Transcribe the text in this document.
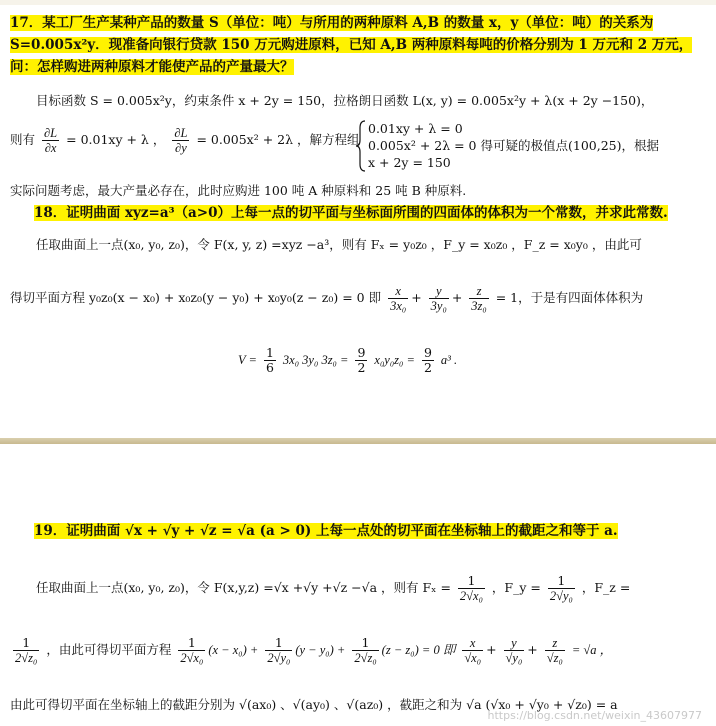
17．某工厂生产某种产品的数量 S（单位：吨）与所用的两种原料 A,B 的数量 x，y（单位：吨）的关系为 S=0.005x²y．现准备向银行贷款 150 万元购进原料，已知 A,B 两种原料每吨的价格分别为 1 万元和 2 万元，问：怎样购进两种原料才能使产品的产量最大？
目标函数 S = 0.005x²y，约束条件 x + 2y = 150，拉格朗日函数 L(x, y) = 0.005x²y + λ(x + 2y −150)，
则有 $\frac{\partial L}{\partial x} = 0.01xy + \lambda$ ， $\frac{\partial L}{\partial y} = 0.005x^2 + 2\lambda$ ，解方程组
0.01xy + λ = 0
0.005x² + 2λ = 0 得可疑的极值点(100,25)，根据
x + 2y = 150
实际问题考虑，最大产量必存在，此时应购进 100 吨 A 种原料和 25 吨 B 种原料.
18．证明曲面 xyz=a³（a>0）上每一点的切平面与坐标面所围的四面体的体积为一个常数，并求此常数.
任取曲面上一点(x₀, y₀, z₀)，令 F(x, y, z) =xyz −a³，则有 Fₓ = y₀z₀ ，F_y = x₀z₀ ，F_z = x₀y₀ ，由此可
得切平面方程 y₀z₀(x − x₀) + x₀z₀(y − y₀) + x₀y₀(z − z₀) = 0 即 $\frac{x}{\text{3x₀}} + \frac{y}{\text{3y₀}} + \frac{z}{\text{3z₀}} = 1$，于是有四面体体积为
$V = \frac{1}{6} 3x_0$ 3y₀ $3z_0 = \frac{9}{2} x_0y_0z_0 = \frac{9}{2} a^3$ .
19．证明曲面 √x + √y + √z = √a (a > 0) 上每一点处的切平面在坐标轴上的截距之和等于 a.
任取曲面上一点(x₀, y₀, z₀)，令 F(x,y,z) =√x +√y +√z −√a ，则有 $F_x = \frac{1}{\text{2√x₀}}$ ，F_y = $\frac{1}{\text{2√y₀}}$ ，F_z =
$\frac{1}{\text{2√z₀}}$ ，由此可得切平面方程 $\frac{1}{\text{2√x₀}} (x - x_0) + \frac{1}{\text{2√y₀}} (y - y_0) + \frac{1}{\text{2√z₀}} (z - z_0) = 0$ 即 $\frac{x}{\text{√x₀}} + \frac{y}{\text{√y₀}} + \frac{z}{\text{√z₀}} = √a$ ，
由此可得切平面在坐标轴上的截距分别为 √(ax₀) 、√(ay₀) 、√(az₀) ，截距之和为 √a (√x₀ + √y₀ + √z₀) = a
https://blog.csdn.net/weixin_43607977
